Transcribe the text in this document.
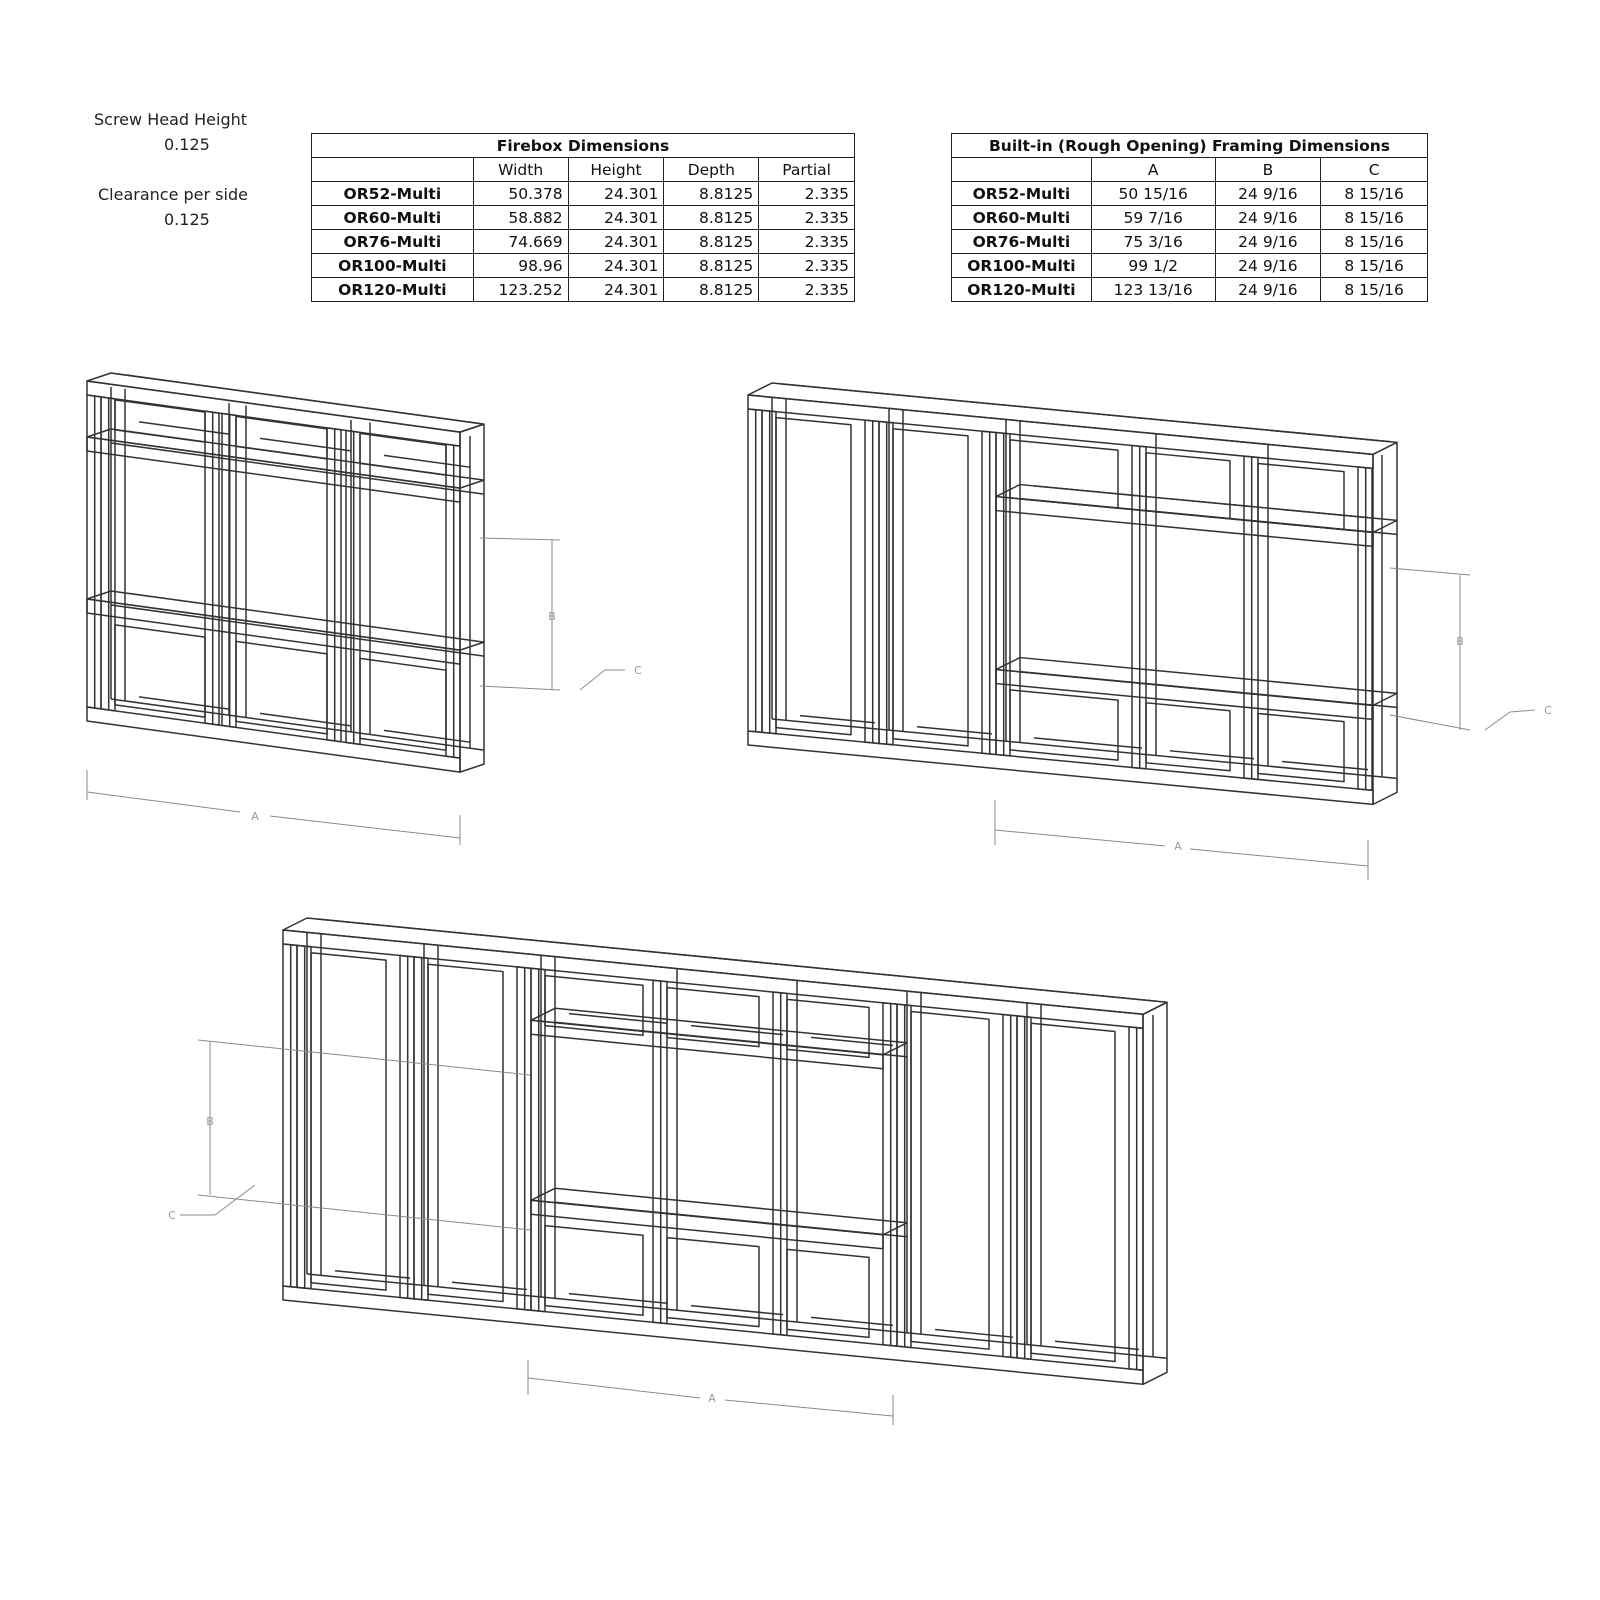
Screw Head Height
0.125
Clearance per side
0.125
Firebox Dimensions				
	Width	Height	Depth	Partial
OR52-Multi	50.378	24.301	8.8125	2.335
OR60-Multi	58.882	24.301	8.8125	2.335
OR76-Multi	74.669	24.301	8.8125	2.335
OR100-Multi	98.96	24.301	8.8125	2.335
OR120-Multi	123.252	24.301	8.8125	2.335
Built-in (Rough Opening) Framing Dimensions			
	A	B	C
OR52-Multi	50 15/16	24 9/16	8 15/16
OR60-Multi	59 7/16	24 9/16	8 15/16
OR76-Multi	75 3/16	24 9/16	8 15/16
OR100-Multi	99 1/2	24 9/16	8 15/16
OR120-Multi	123 13/16	24 9/16	8 15/16
A
B
C
A
B
C
A
B
C
